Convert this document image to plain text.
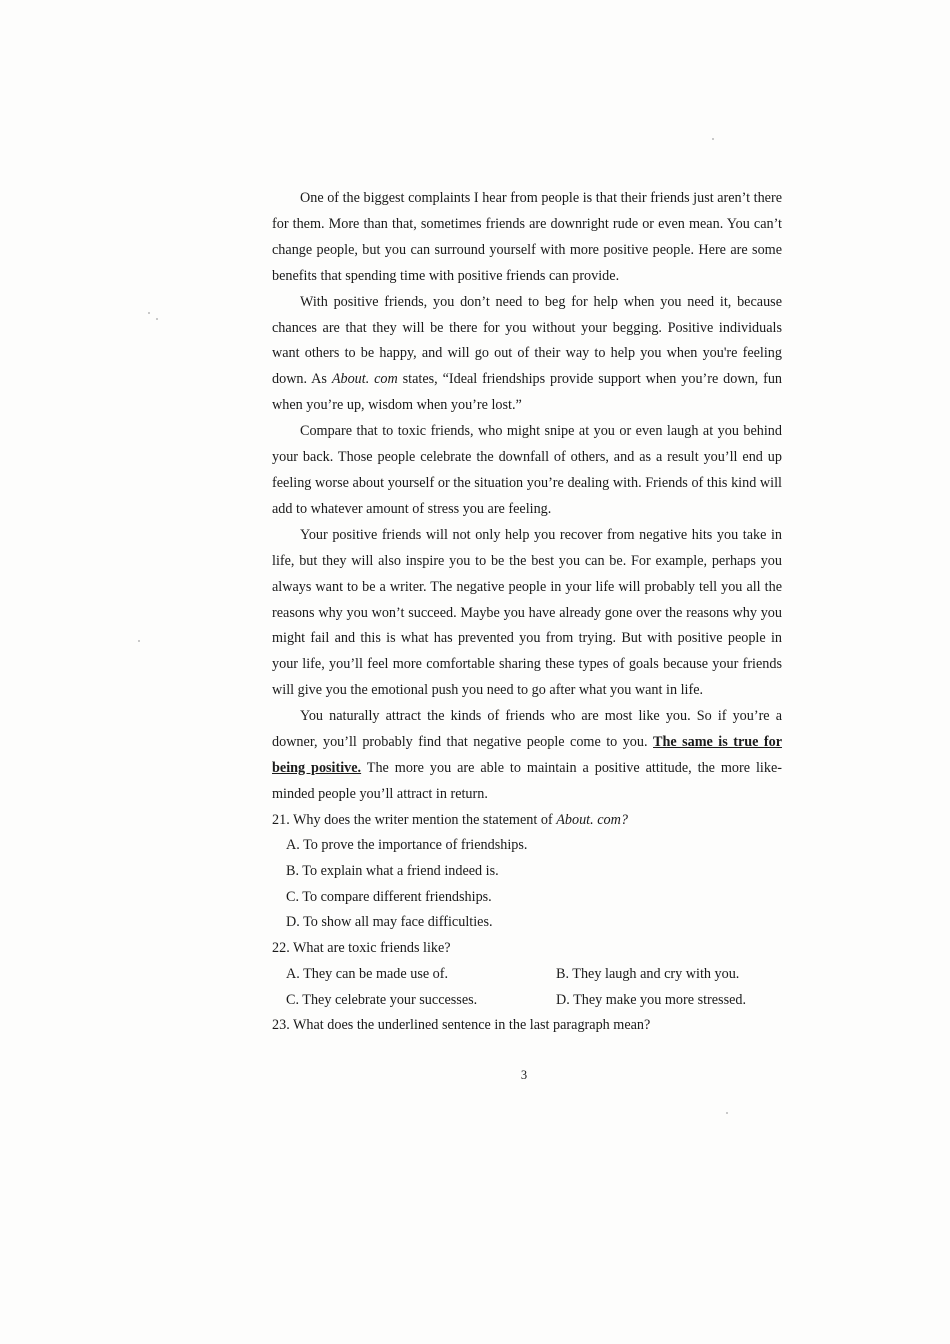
One of the biggest complaints I hear from people is that their friends just aren’t there for them. More than that, sometimes friends are downright rude or even mean. You can’t change people, but you can surround yourself with more positive people. Here are some benefits that spending time with positive friends can provide.

With positive friends, you don’t need to beg for help when you need it, because chances are that they will be there for you without your begging. Positive individuals want others to be happy, and will go out of their way to help you when you're feeling down. As About. com states, “Ideal friendships provide support when you’re down, fun when you’re up, wisdom when you’re lost.”

Compare that to toxic friends, who might snipe at you or even laugh at you behind your back. Those people celebrate the downfall of others, and as a result you’ll end up feeling worse about yourself or the situation you’re dealing with. Friends of this kind will add to whatever amount of stress you are feeling.

Your positive friends will not only help you recover from negative hits you take in life, but they will also inspire you to be the best you can be. For example, perhaps you always want to be a writer. The negative people in your life will probably tell you all the reasons why you won’t succeed. Maybe you have already gone over the reasons why you might fail and this is what has prevented you from trying. But with positive people in your life, you’ll feel more comfortable sharing these types of goals because your friends will give you the emotional push you need to go after what you want in life.

You naturally attract the kinds of friends who are most like you. So if you’re a downer, you’ll probably find that negative people come to you. The same is true for being positive. The more you are able to maintain a positive attitude, the more like-minded people you’ll attract in return.

21. Why does the writer mention the statement of About. com?

A. To prove the importance of friendships.

B. To explain what a friend indeed is.

C. To compare different friendships.

D. To show all may face difficulties.

22. What are toxic friends like?

A. They can be made use of.	B. They laugh and cry with you.
C. They celebrate your successes.	D. They make you more stressed.

23. What does the underlined sentence in the last paragraph mean?

3
